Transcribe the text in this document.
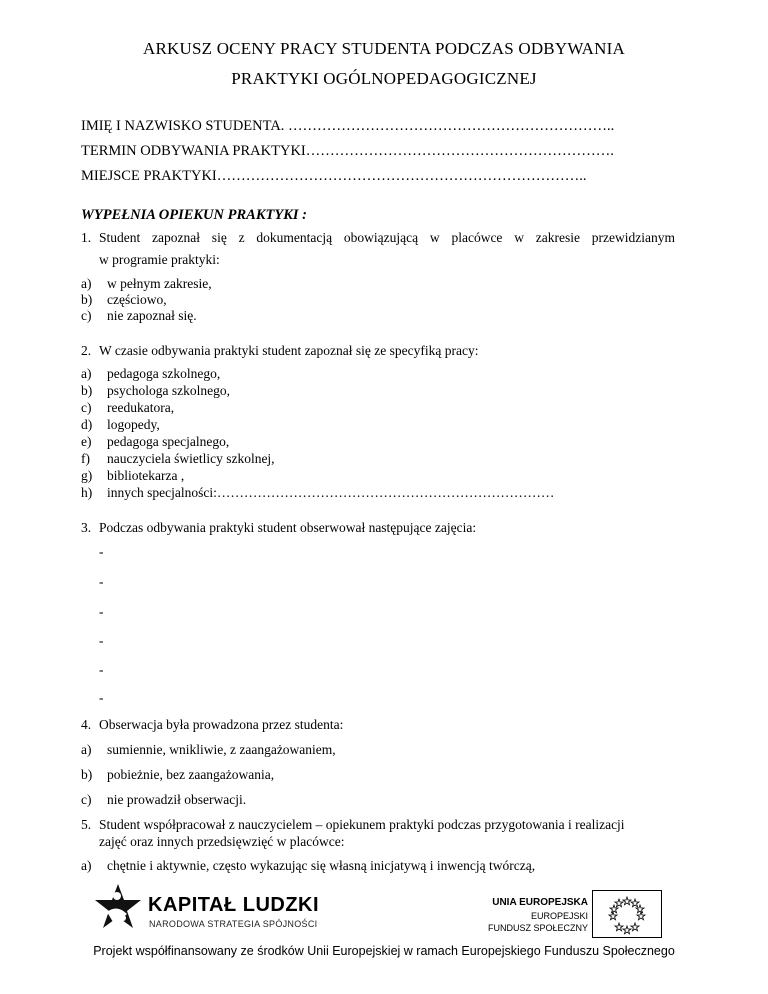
ARKUSZ OCENY PRACY STUDENTA PODCZAS ODBYWANIA
PRAKTYKI OGÓLNOPEDAGOGICZNEJ
IMIĘ I NAZWISKO STUDENTA. …………………………………………………………..
TERMIN ODBYWANIA PRAKTYKI……………………………………………………….
MIEJSCE PRAKTYKI…………………………………………………………………..
WYPEŁNIA OPIEKUN PRAKTYKI :
1. Student zapoznał się z dokumentacją obowiązującą w placówce w zakresie przewidzianym
w programie praktyki:
a) w pełnym zakresie,
b) częściowo,
c) nie zapoznał się.
2. W czasie odbywania praktyki student zapoznał się ze specyfiką pracy:
a) pedagoga szkolnego,
b) psychologa szkolnego,
c) reedukatora,
d) logopedy,
e) pedagoga specjalnego,
f) nauczyciela świetlicy szkolnej,
g) bibliotekarza ,
h) innych specjalności:…………………………………………………………………
3. Podczas odbywania praktyki student obserwował następujące zajęcia:
-
-
-
-
-
-
4. Obserwacja była prowadzona przez studenta:
a) sumiennie, wnikliwie, z zaangażowaniem,
b) pobieżnie, bez zaangażowania,
c) nie prowadził obserwacji.
5. Student współpracował z nauczycielem – opiekunem praktyki podczas przygotowania i realizacji
zajęć oraz innych przedsięwzięć w placówce:
a) chętnie i aktywnie, często wykazując się własną inicjatywą i inwencją twórczą,
KAPITAŁ LUDZKI
NARODOWA STRATEGIA SPÓJNOŚCI
UNIA EUROPEJSKA
EUROPEJSKI
FUNDUSZ SPOŁECZNY
Projekt współfinansowany ze środków Unii Europejskiej w ramach Europejskiego Funduszu Społecznego
